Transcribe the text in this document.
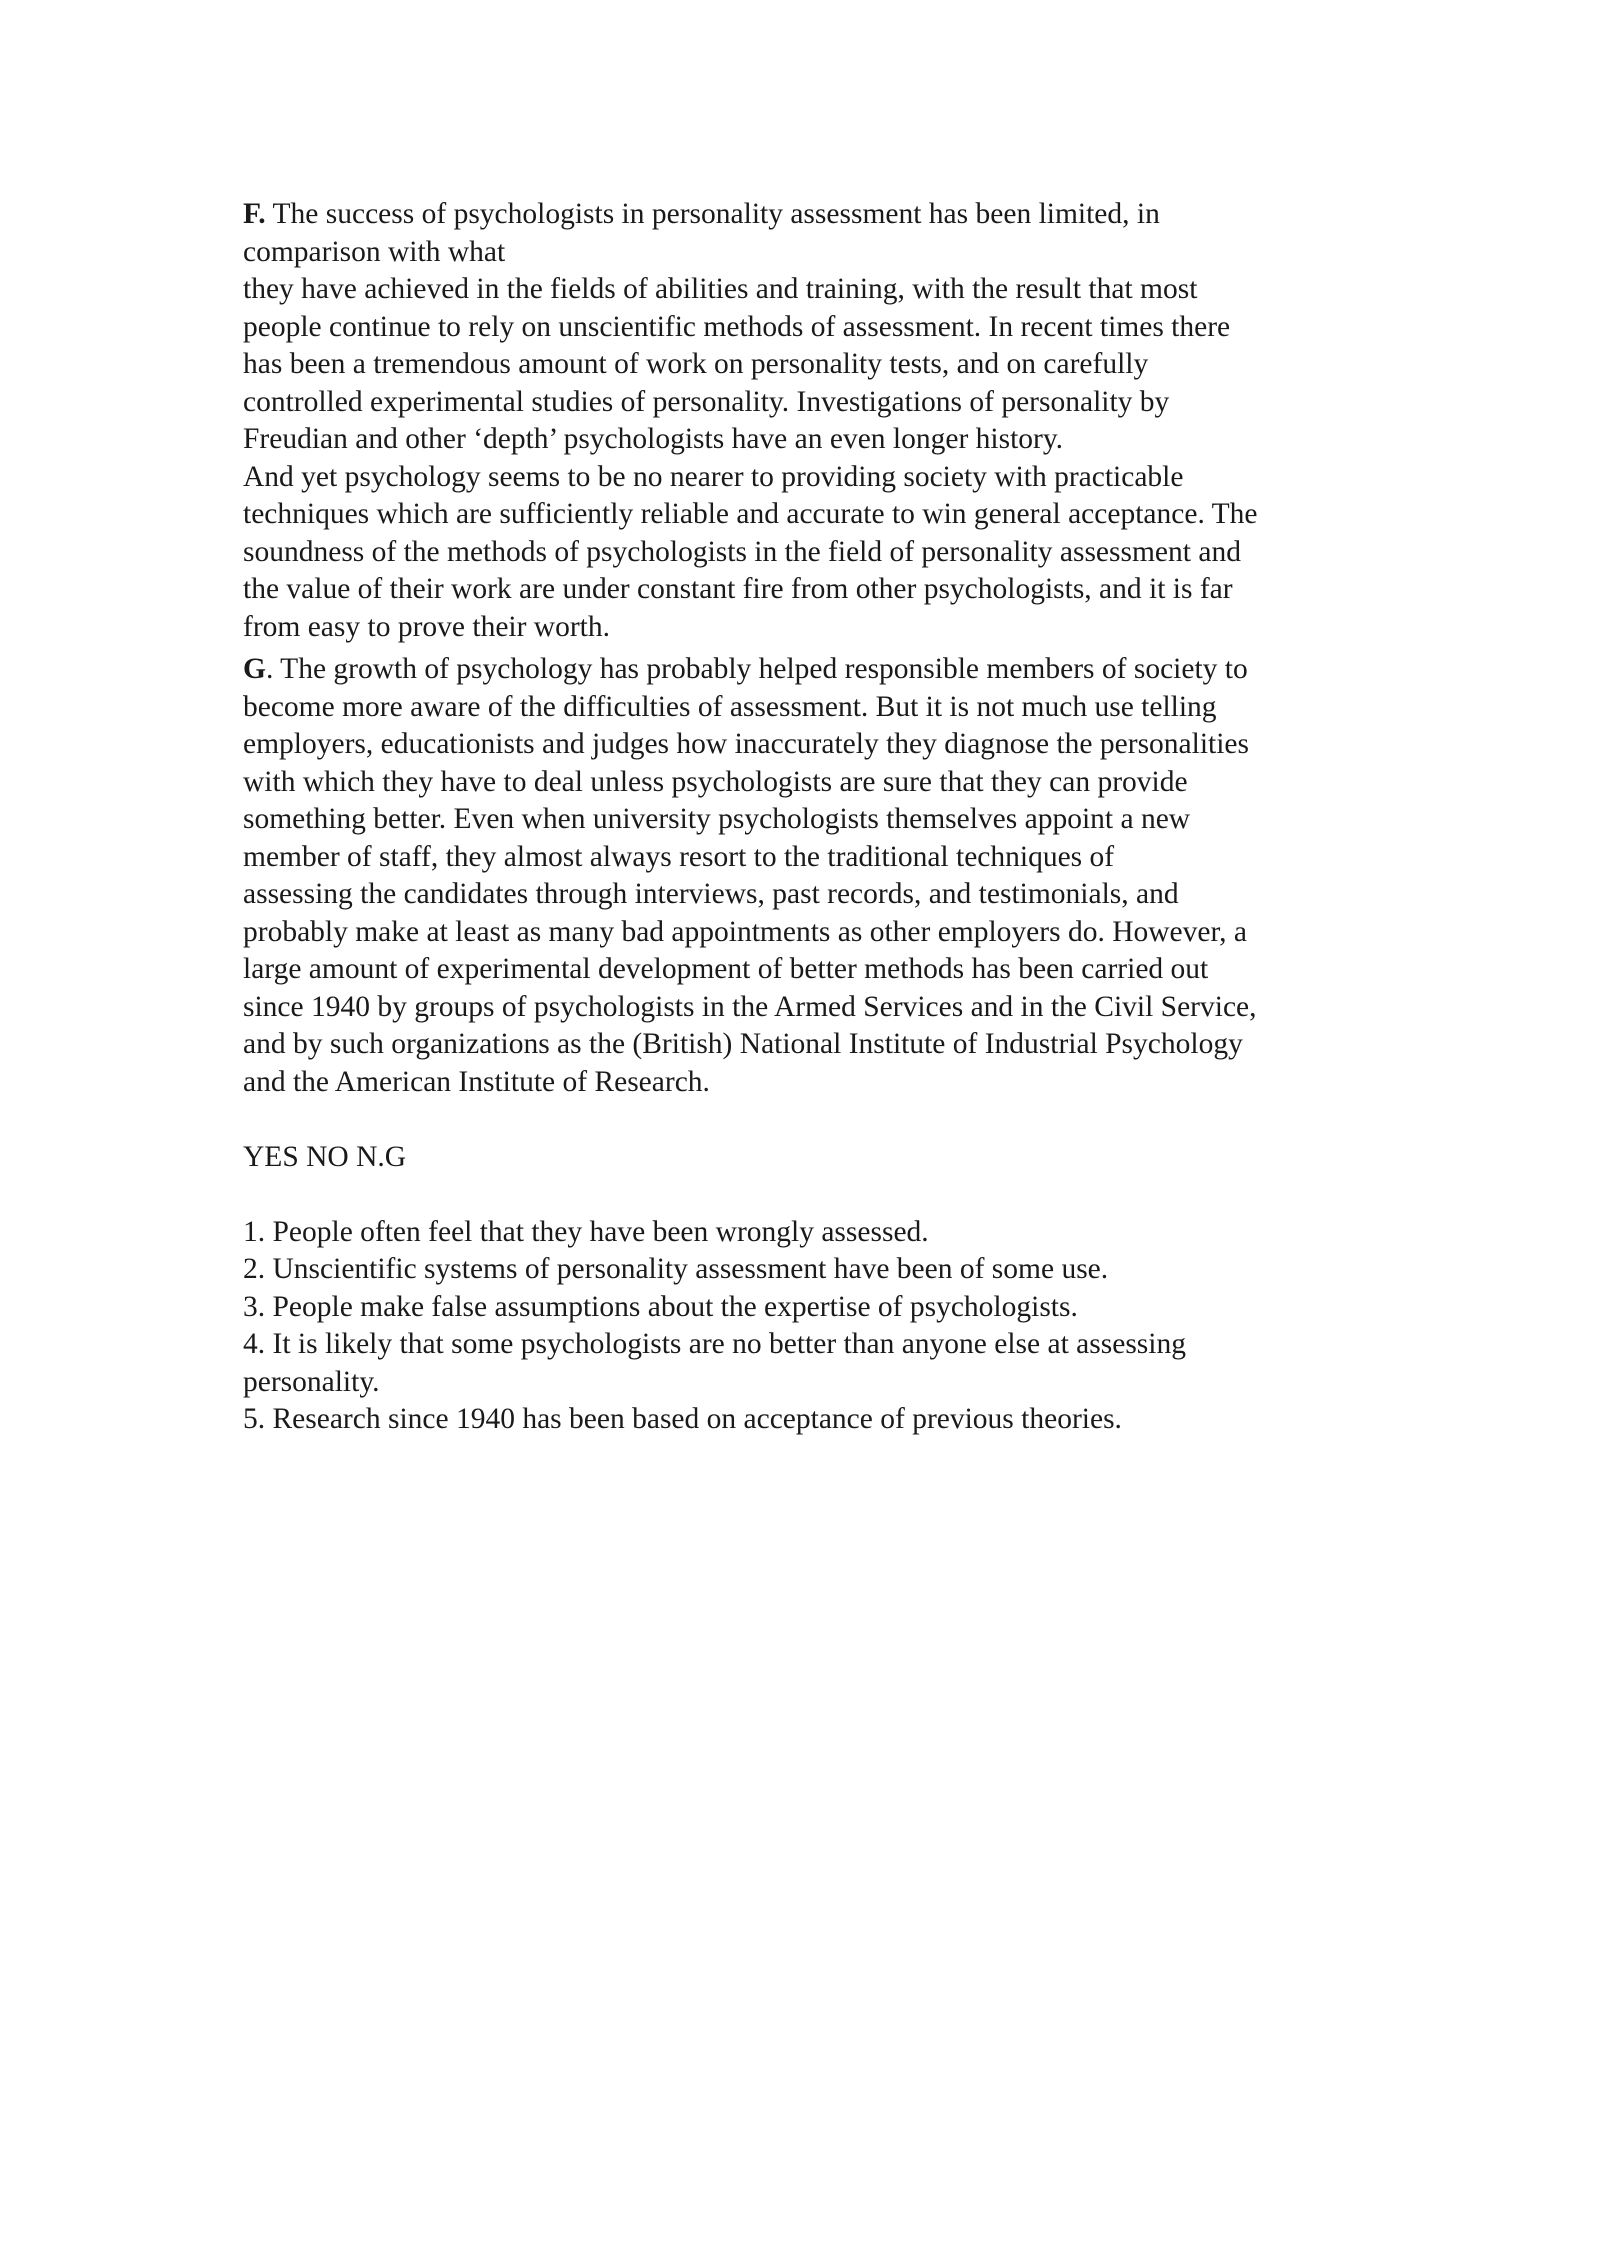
F. The success of psychologists in personality assessment has been limited, in
comparison with what
they have achieved in the fields of abilities and training, with the result that most
people continue to rely on unscientific methods of assessment. In recent times there
has been a tremendous amount of work on personality tests, and on carefully
controlled experimental studies of personality. Investigations of personality by
Freudian and other ‘depth’ psychologists have an even longer history.
And yet psychology seems to be no nearer to providing society with practicable
techniques which are sufficiently reliable and accurate to win general acceptance. The
soundness of the methods of psychologists in the field of personality assessment and
the value of their work are under constant fire from other psychologists, and it is far
from easy to prove their worth.
G. The growth of psychology has probably helped responsible members of society to
become more aware of the difficulties of assessment. But it is not much use telling
employers, educationists and judges how inaccurately they diagnose the personalities
with which they have to deal unless psychologists are sure that they can provide
something better. Even when university psychologists themselves appoint a new
member of staff, they almost always resort to the traditional techniques of
assessing the candidates through interviews, past records, and testimonials, and
probably make at least as many bad appointments as other employers do. However, a
large amount of experimental development of better methods has been carried out
since 1940 by groups of psychologists in the Armed Services and in the Civil Service,
and by such organizations as the (British) National Institute of Industrial Psychology
and the American Institute of Research.
YES NO N.G
1. People often feel that they have been wrongly assessed.
2. Unscientific systems of personality assessment have been of some use.
3. People make false assumptions about the expertise of psychologists.
4. It is likely that some psychologists are no better than anyone else at assessing
personality.
5. Research since 1940 has been based on acceptance of previous theories.
